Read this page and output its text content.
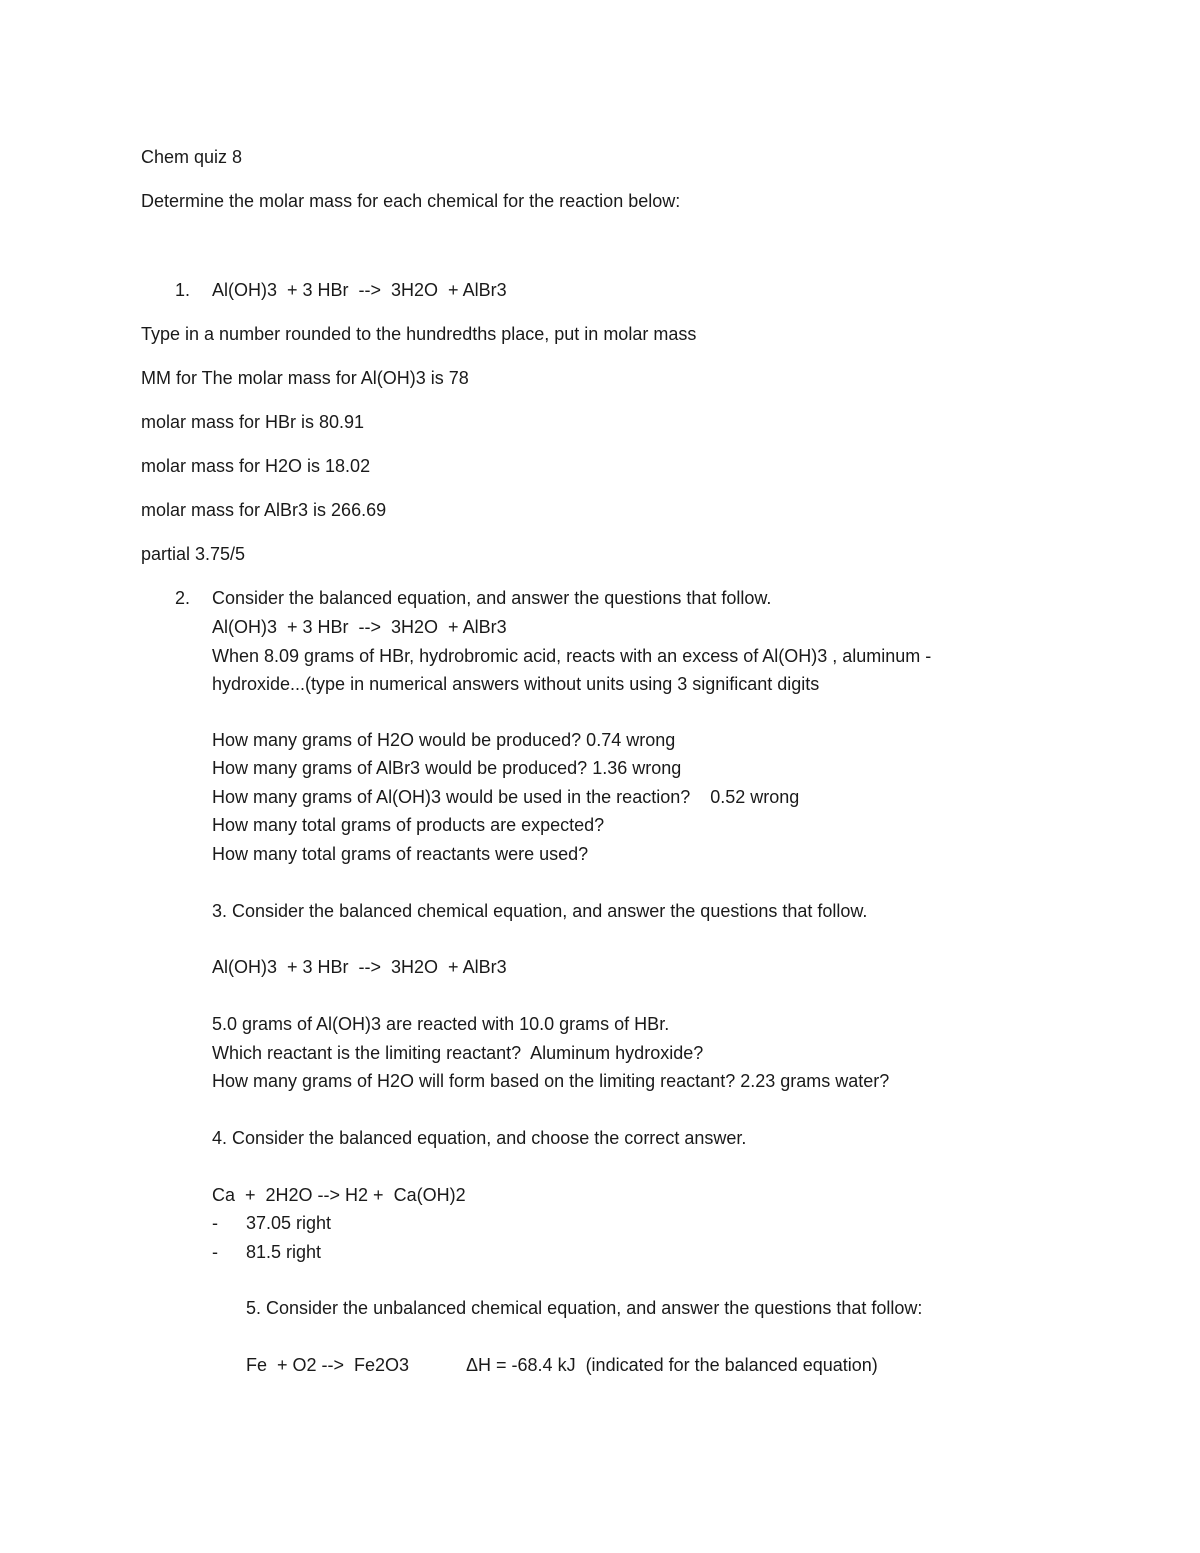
Chem quiz 8

Determine the molar mass for each chemical for the reaction below:

1. Al(OH)3  + 3 HBr  -->  3H2O  + AlBr3

Type in a number rounded to the hundredths place, put in molar mass

MM for The molar mass for Al(OH)3 is 78

molar mass for HBr is 80.91

molar mass for H2O is 18.02

molar mass for AlBr3 is 266.69

partial 3.75/5

2. Consider the balanced equation, and answer the questions that follow.

Al(OH)3  + 3 HBr  -->  3H2O  + AlBr3

When 8.09 grams of HBr, hydrobromic acid, reacts with an excess of Al(OH)3 , aluminum -

hydroxide...(type in numerical answers without units using 3 significant digits

How many grams of H2O would be produced? 0.74 wrong

How many grams of AlBr3 would be produced? 1.36 wrong

How many grams of Al(OH)3 would be used in the reaction?    0.52 wrong

How many total grams of products are expected?

How many total grams of reactants were used?

3. Consider the balanced chemical equation, and answer the questions that follow.

Al(OH)3  + 3 HBr  -->  3H2O  + AlBr3

5.0 grams of Al(OH)3 are reacted with 10.0 grams of HBr.

Which reactant is the limiting reactant?  Aluminum hydroxide?

How many grams of H2O will form based on the limiting reactant? 2.23 grams water?

4. Consider the balanced equation, and choose the correct answer.

Ca  +  2H2O --> H2 +  Ca(OH)2

- 37.05 right

- 81.5 right

5. Consider the unbalanced chemical equation, and answer the questions that follow:

Fe  + O2 -->  Fe2O3	ΔH = -68.4 kJ  (indicated for the balanced equation)
